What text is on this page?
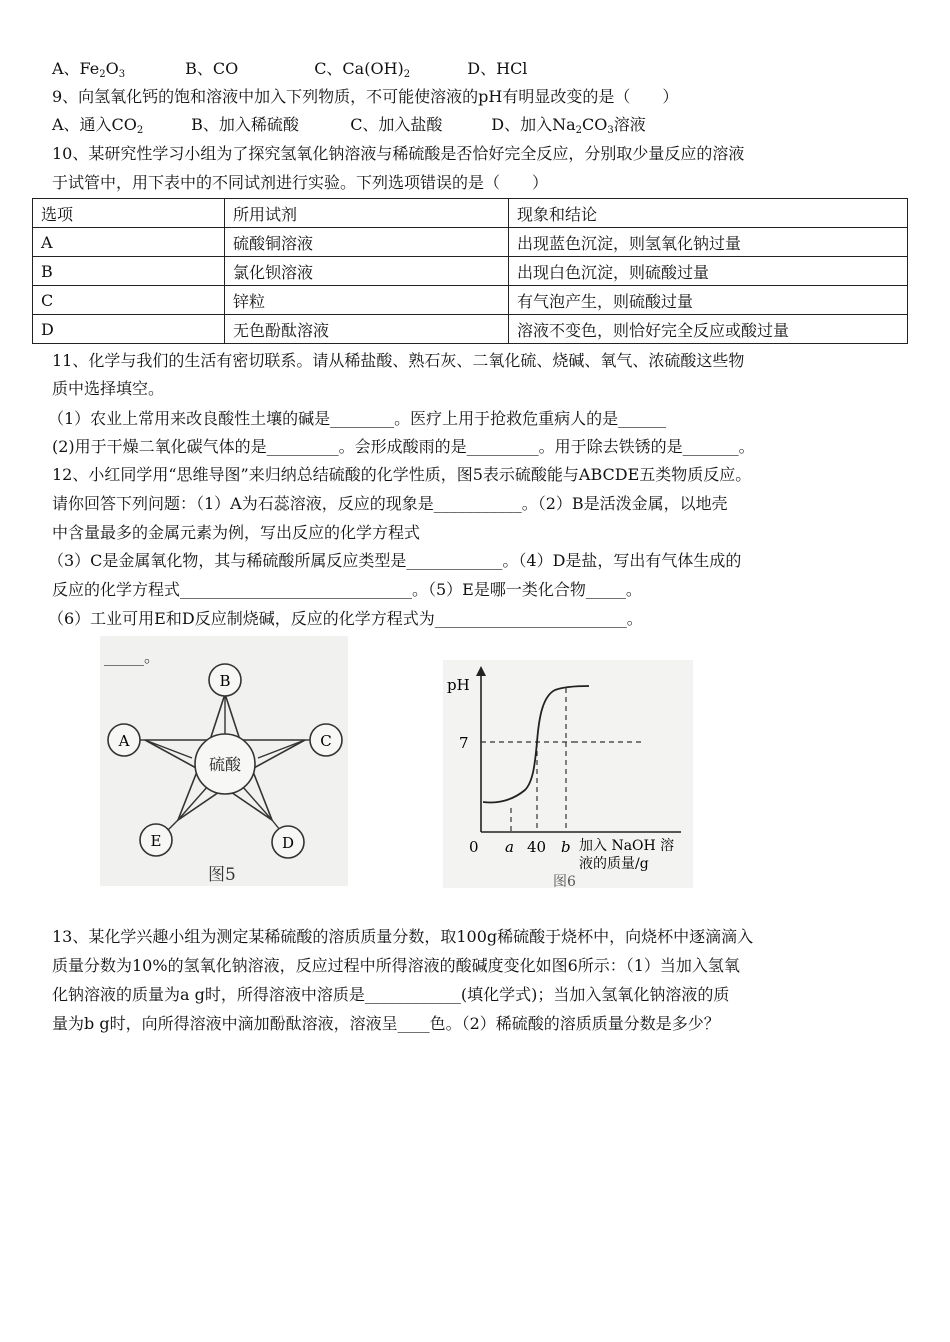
A、$Fe_2O_3$	B、CO	C、$Ca(OH)_2$	D、HCl
9、向氢氧化钙的饱和溶液中加入下列物质，不可能使溶液的pH有明显改变的是（　　）
A、通入$CO_2$	B、加入稀硫酸	C、加入盐酸	D、加入$Na_2CO_3$溶液
10、某研究性学习小组为了探究氢氧化钠溶液与稀硫酸是否恰好完全反应，分别取少量反应的溶液
于试管中，用下表中的不同试剂进行实验。下列选项错误的是（　　）
选项	所用试剂	现象和结论
A	硫酸铜溶液	出现蓝色沉淀，则氢氧化钠过量
B	氯化钡溶液	出现白色沉淀，则硫酸过量
C	锌粒	有气泡产生，则硫酸过量
D	无色酚酞溶液	溶液不变色，则恰好完全反应或酸过量
11、化学与我们的生活有密切联系。请从稀盐酸、熟石灰、二氧化硫、烧碱、氧气、浓硫酸这些物
质中选择填空。
（1）农业上常用来改良酸性土壤的碱是________。医疗上用于抢救危重病人的是______
(2)用于干燥二氧化碳气体的是_________。会形成酸雨的是_________。用于除去铁锈的是_______。
12、小红同学用“思维导图”来归纳总结硫酸的化学性质，图5表示硫酸能与ABCDE五类物质反应。
请你回答下列问题：（1）A为石蕊溶液，反应的现象是___________。（2）B是活泼金属，以地壳
中含量最多的金属元素为例，写出反应的化学方程式
（3）C是金属氧化物，其与稀硫酸所属反应类型是____________。（4）D是盐，写出有气体生成的
反应的化学方程式_____________________________。（5）E是哪一类化合物_____。
（6）工业可用E和D反应制烧碱，反应的化学方程式为________________________。
_____。
硫酸
B
A	C
E	D
图5
pH
7
0 a 40 b 加入 NaOH 溶
液的质量/g
图6
13、某化学兴趣小组为测定某稀硫酸的溶质质量分数，取100g稀硫酸于烧杯中，向烧杯中逐滴滴入
质量分数为10%的氢氧化钠溶液，反应过程中所得溶液的酸碱度变化如图6所示：（1）当加入氢氧
化钠溶液的质量为a g时，所得溶液中溶质是____________(填化学式)；当加入氢氧化钠溶液的质
量为b g时，向所得溶液中滴加酚酞溶液，溶液呈____色。（2）稀硫酸的溶质质量分数是多少？
